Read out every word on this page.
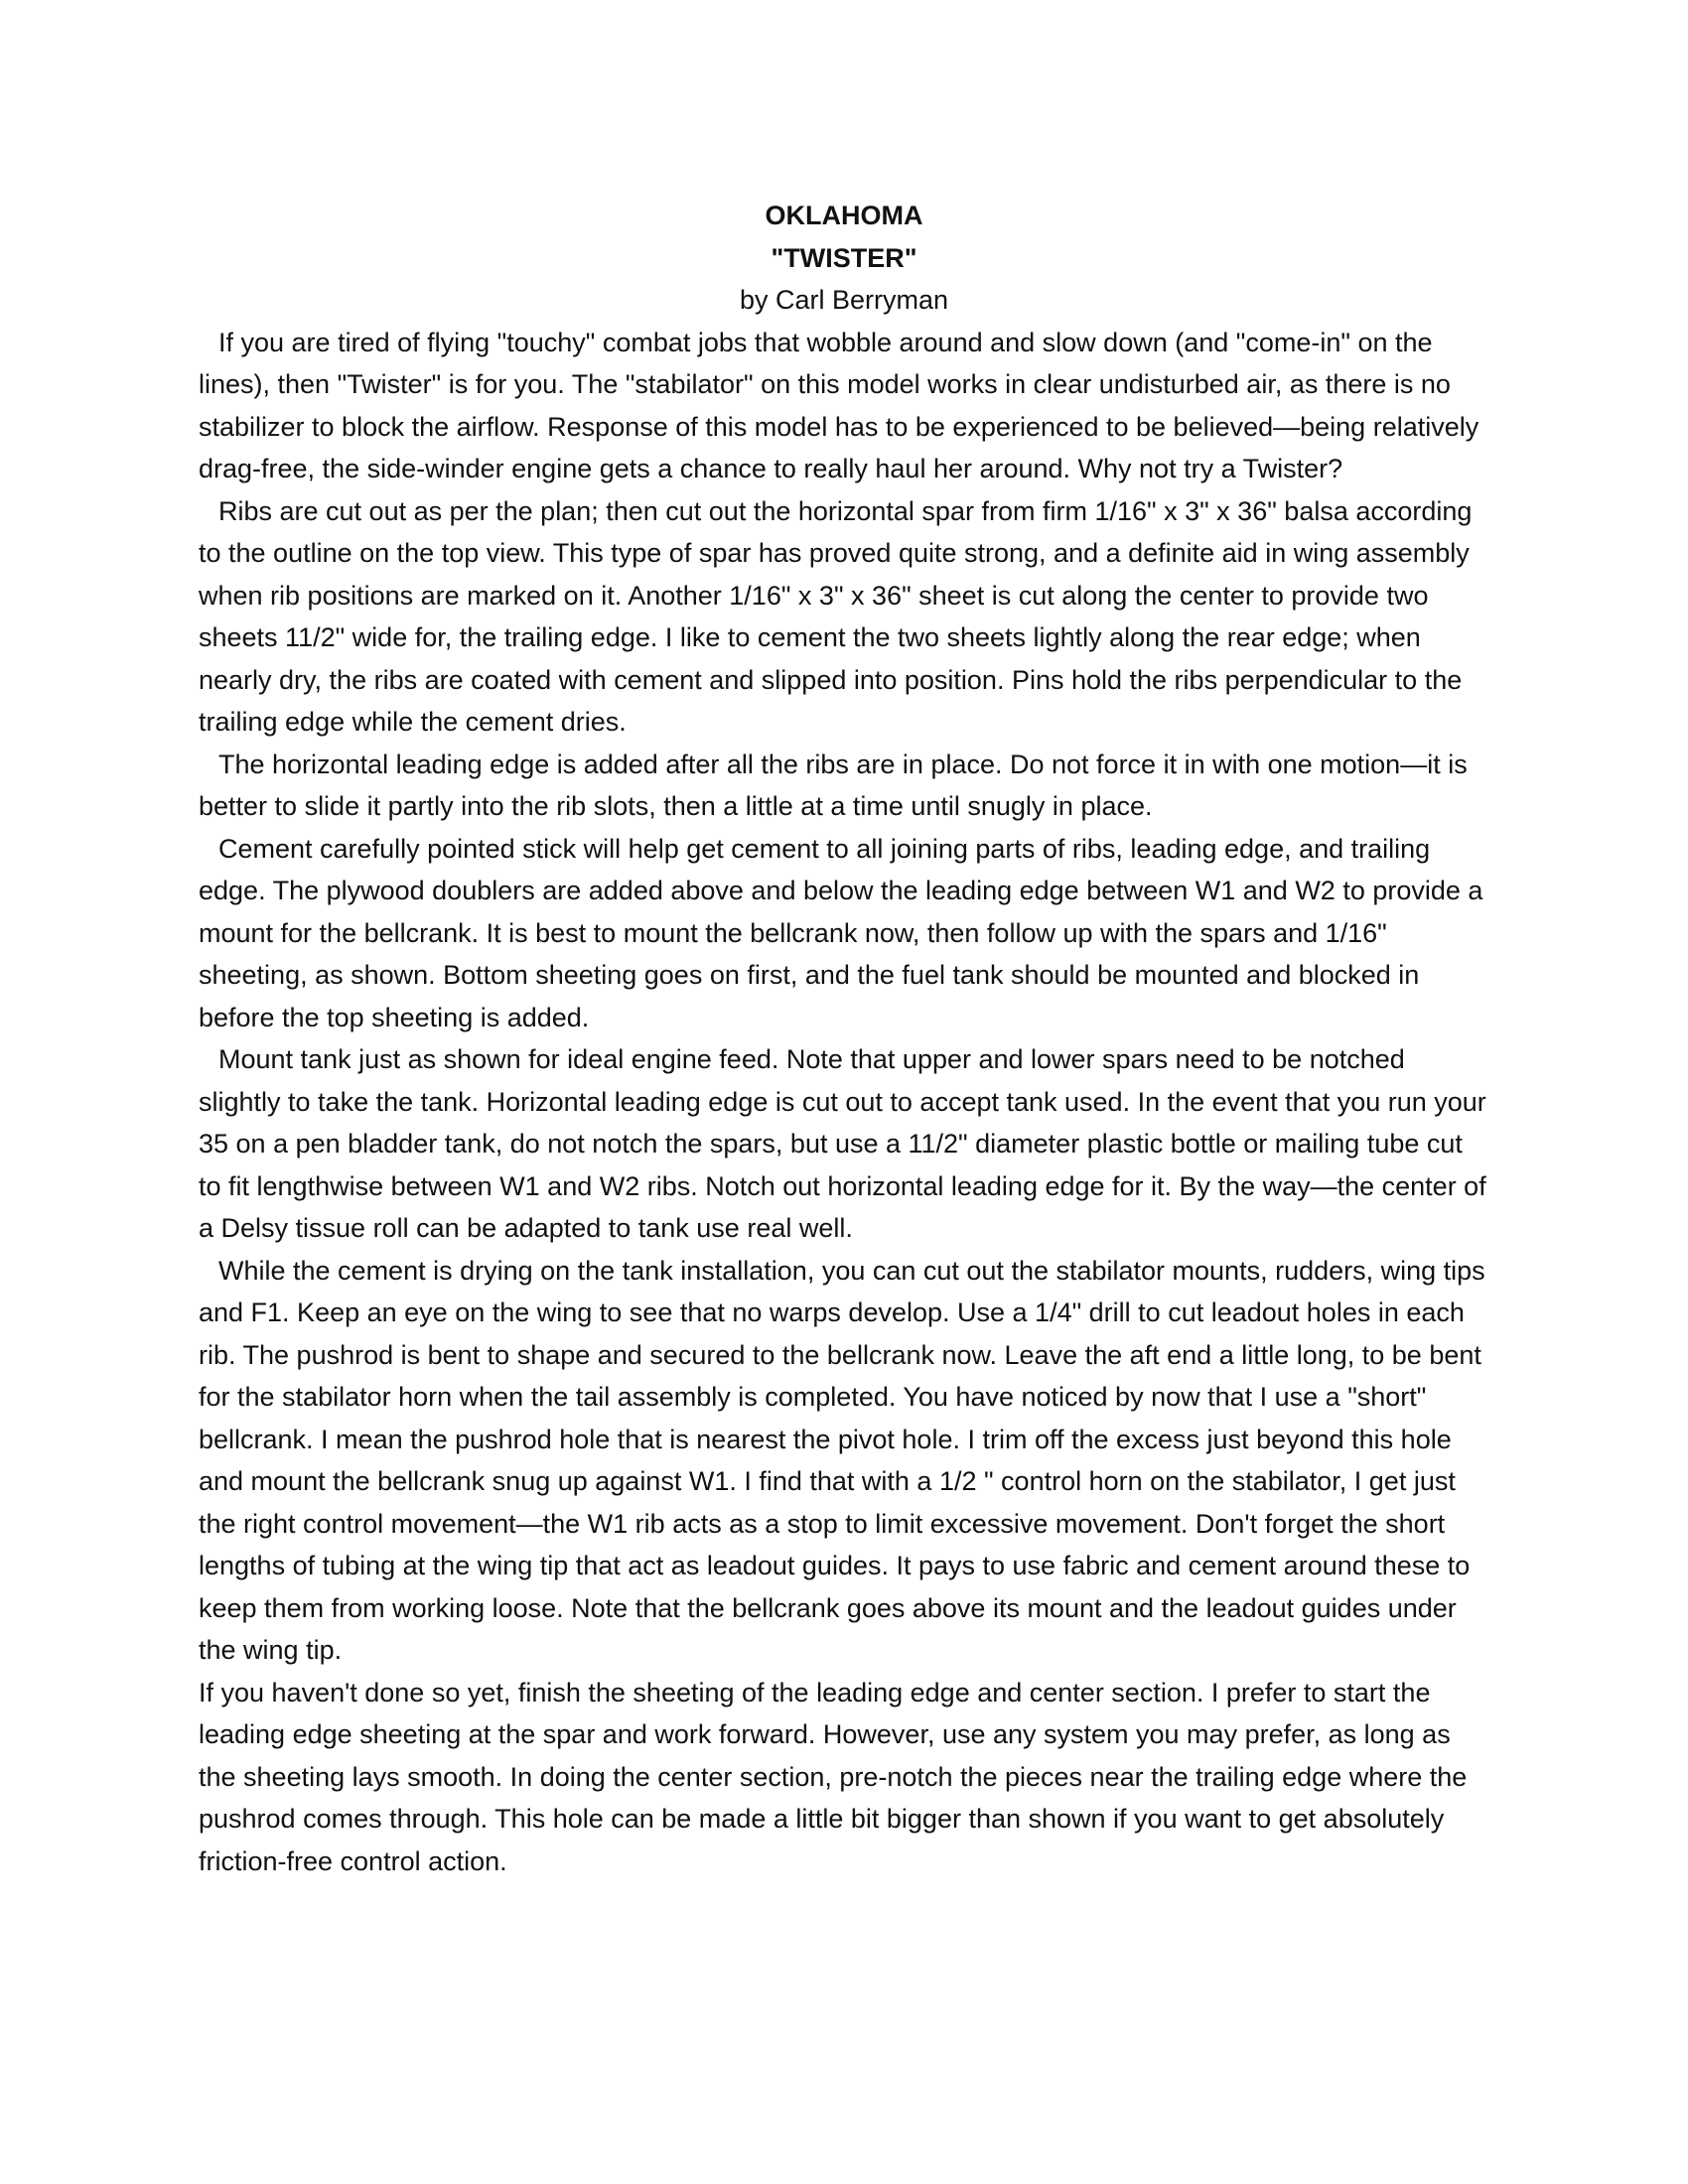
OKLAHOMA
"TWISTER"
by Carl Berryman

If you are tired of flying "touchy" combat jobs that wobble around and slow down (and "come-in" on the lines), then "Twister" is for you. The "stabilator" on this model works in clear undisturbed air, as there is no stabilizer to block the airflow. Response of this model has to be experienced to be believed—being relatively drag-free, the side-winder engine gets a chance to really haul her around. Why not try a Twister?

Ribs are cut out as per the plan; then cut out the horizontal spar from firm 1/16" x 3" x 36" balsa according to the outline on the top view. This type of spar has proved quite strong, and a definite aid in wing assembly when rib positions are marked on it. Another 1/16" x 3" x 36" sheet is cut along the center to provide two sheets 11/2" wide for, the trailing edge. I like to cement the two sheets lightly along the rear edge; when nearly dry, the ribs are coated with cement and slipped into position. Pins hold the ribs perpendicular to the trailing edge while the cement dries.

The horizontal leading edge is added after all the ribs are in place. Do not force it in with one motion—it is better to slide it partly into the rib slots, then a little at a time until snugly in place.

Cement carefully pointed stick will help get cement to all joining parts of ribs, leading edge, and trailing edge. The plywood doublers are added above and below the leading edge between W1 and W2 to provide a mount for the bellcrank. It is best to mount the bellcrank now, then follow up with the spars and 1/16" sheeting, as shown. Bottom sheeting goes on first, and the fuel tank should be mounted and blocked in before the top sheeting is added.

Mount tank just as shown for ideal engine feed. Note that upper and lower spars need to be notched slightly to take the tank. Horizontal leading edge is cut out to accept tank used. In the event that you run your 35 on a pen bladder tank, do not notch the spars, but use a 11/2" diameter plastic bottle or mailing tube cut to fit lengthwise between W1 and W2 ribs. Notch out horizontal leading edge for it. By the way—the center of a Delsy tissue roll can be adapted to tank use real well.

While the cement is drying on the tank installation, you can cut out the stabilator mounts, rudders, wing tips and F1. Keep an eye on the wing to see that no warps develop. Use a 1/4" drill to cut leadout holes in each rib. The pushrod is bent to shape and secured to the bellcrank now. Leave the aft end a little long, to be bent for the stabilator horn when the tail assembly is completed. You have noticed by now that I use a "short" bellcrank. I mean the pushrod hole that is nearest the pivot hole. I trim off the excess just beyond this hole and mount the bellcrank snug up against W1. I find that with a 1/2 " control horn on the stabilator, I get just the right control movement—the W1 rib acts as a stop to limit excessive movement. Don't forget the short lengths of tubing at the wing tip that act as leadout guides. It pays to use fabric and cement around these to keep them from working loose. Note that the bellcrank goes above its mount and the leadout guides under the wing tip.

If you haven't done so yet, finish the sheeting of the leading edge and center section. I prefer to start the leading edge sheeting at the spar and work forward. However, use any system you may prefer, as long as the sheeting lays smooth. In doing the center section, pre-notch the pieces near the trailing edge where the pushrod comes through. This hole can be made a little bit bigger than shown if you want to get absolutely friction-free control action.
